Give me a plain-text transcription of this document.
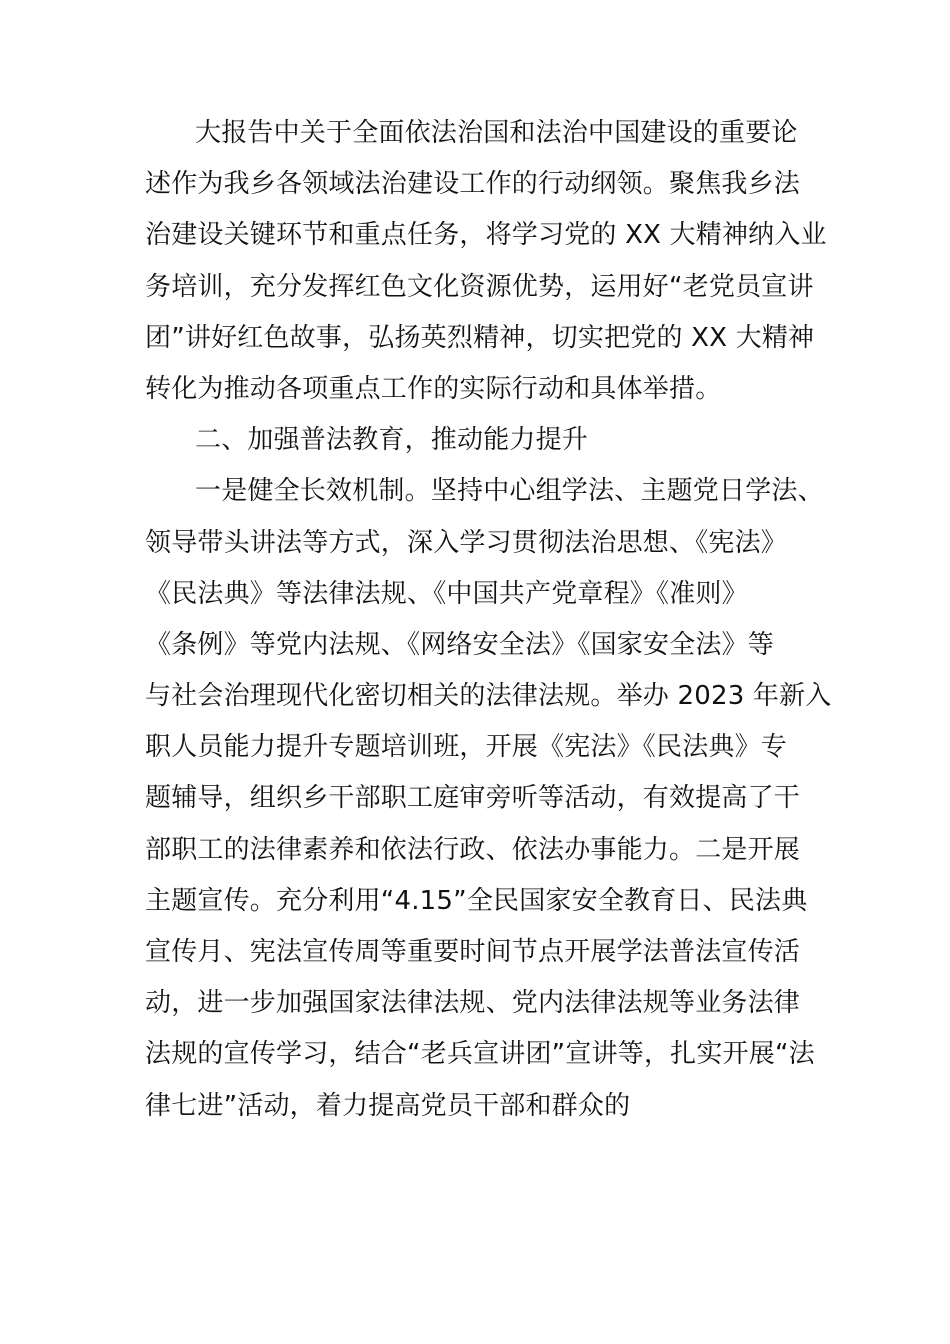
大报告中关于全面依法治国和法治中国建设的重要论
述作为我乡各领域法治建设工作的行动纲领。聚焦我乡法
治建设关键环节和重点任务，将学习党的 XX 大精神纳入业
务培训，充分发挥红色文化资源优势，运用好“老党员宣讲
团”讲好红色故事，弘扬英烈精神，切实把党的 XX 大精神
转化为推动各项重点工作的实际行动和具体举措。
二、加强普法教育，推动能力提升
一是健全长效机制。坚持中心组学法、主题党日学法、
领导带头讲法等方式，深入学习贯彻法治思想、《宪法》
《民法典》等法律法规、《中国共产党章程》《准则》
《条例》等党内法规、《网络安全法》《国家安全法》等
与社会治理现代化密切相关的法律法规。举办 2023 年新入
职人员能力提升专题培训班，开展《宪法》《民法典》专
题辅导，组织乡干部职工庭审旁听等活动，有效提高了干
部职工的法律素养和依法行政、依法办事能力。二是开展
主题宣传。充分利用“4.15”全民国家安全教育日、民法典
宣传月、宪法宣传周等重要时间节点开展学法普法宣传活
动，进一步加强国家法律法规、党内法律法规等业务法律
法规的宣传学习，结合“老兵宣讲团”宣讲等，扎实开展“法
律七进”活动，着力提高党员干部和群众的
